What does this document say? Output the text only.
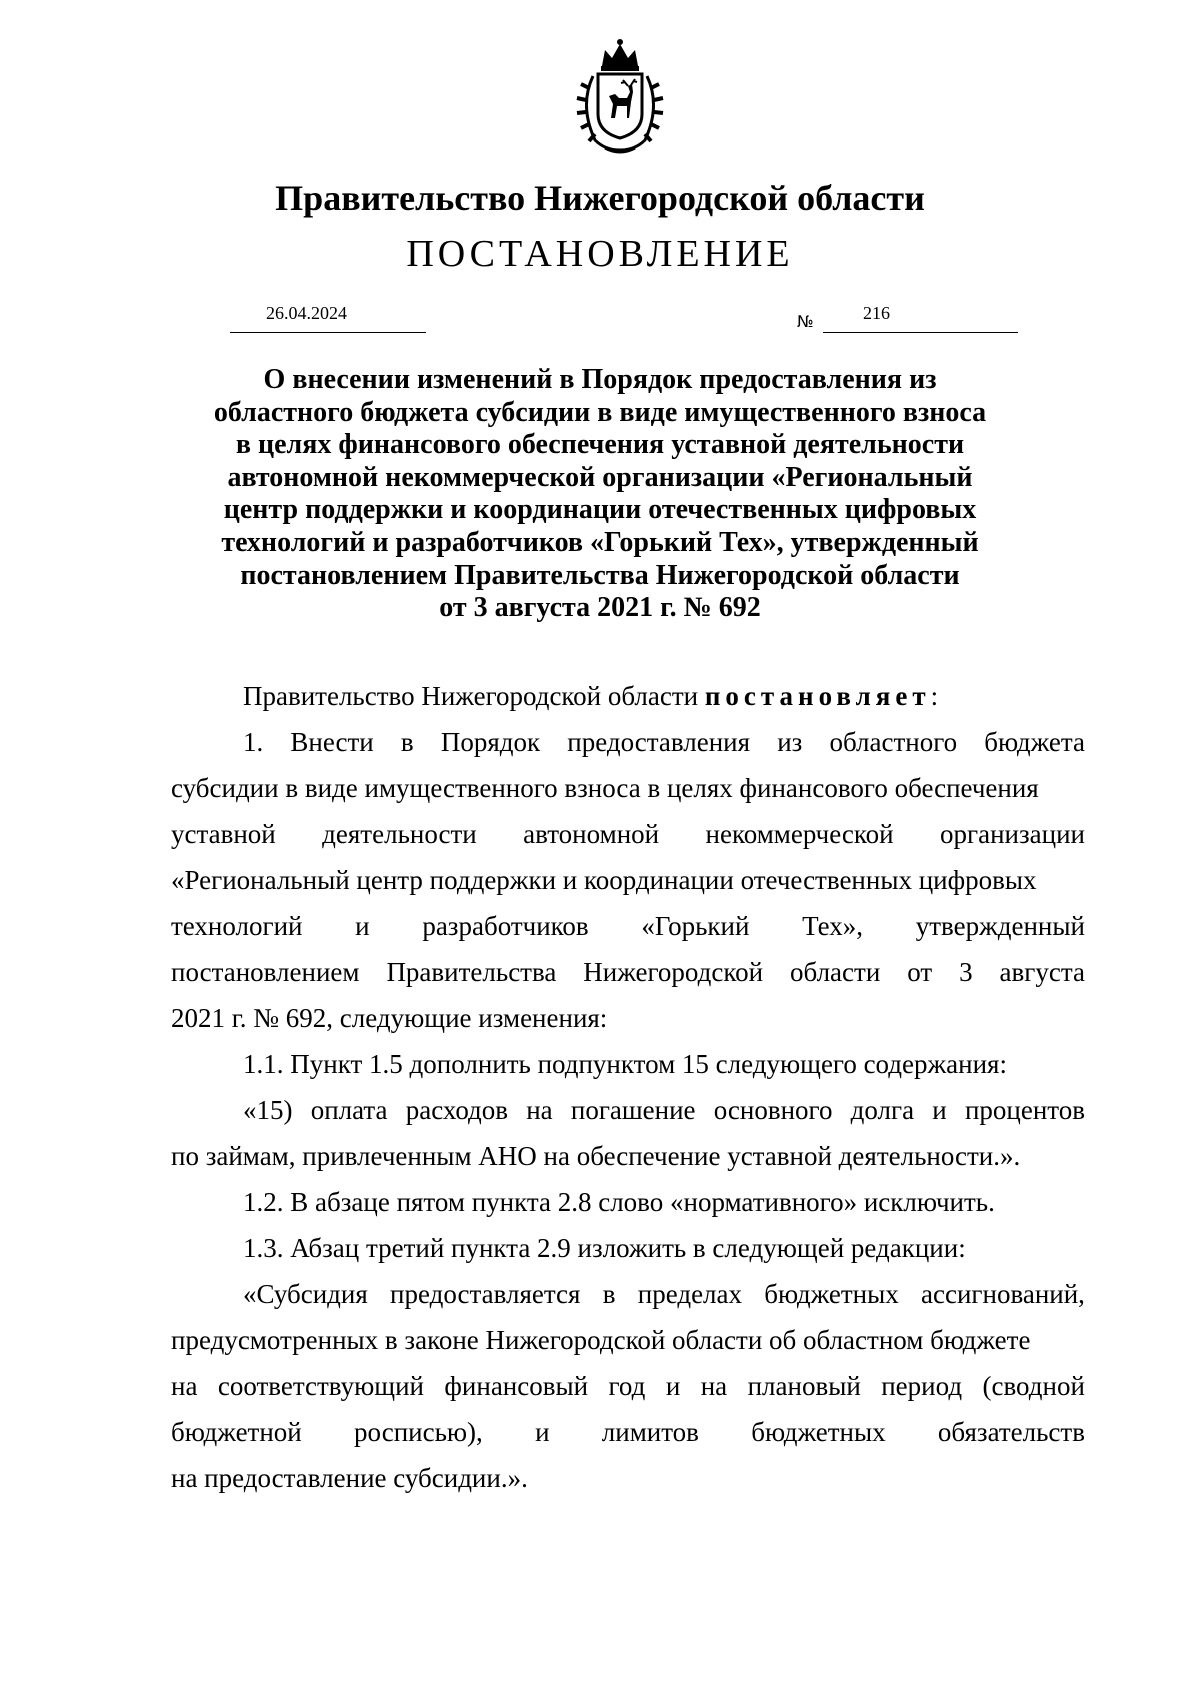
Правительство Нижегородской области
ПОСТАНОВЛЕНИЕ
26.04.2024	№	216
О внесении изменений в Порядок предоставления из
областного бюджета субсидии в виде имущественного взноса
в целях финансового обеспечения уставной деятельности
автономной некоммерческой организации «Региональный
центр поддержки и координации отечественных цифровых
технологий и разработчиков «Горький Тех», утвержденный
постановлением Правительства Нижегородской области
от 3 августа 2021 г. № 692
Правительство Нижегородской области постановляет:
1. Внести в Порядок предоставления из областного бюджета
субсидии в виде имущественного взноса в целях финансового обеспечения
уставной деятельности автономной некоммерческой организации
«Региональный центр поддержки и координации отечественных цифровых
технологий и разработчиков «Горький Тех», утвержденный
постановлением Правительства Нижегородской области от 3 августа
2021 г. № 692, следующие изменения:
1.1. Пункт 1.5 дополнить подпунктом 15 следующего содержания:
«15) оплата расходов на погашение основного долга и процентов
по займам, привлеченным АНО на обеспечение уставной деятельности.».
1.2. В абзаце пятом пункта 2.8 слово «нормативного» исключить.
1.3. Абзац третий пункта 2.9 изложить в следующей редакции:
«Субсидия предоставляется в пределах бюджетных ассигнований,
предусмотренных в законе Нижегородской области об областном бюджете
на соответствующий финансовый год и на плановый период (сводной
бюджетной росписью), и лимитов бюджетных обязательств
на предоставление субсидии.».
